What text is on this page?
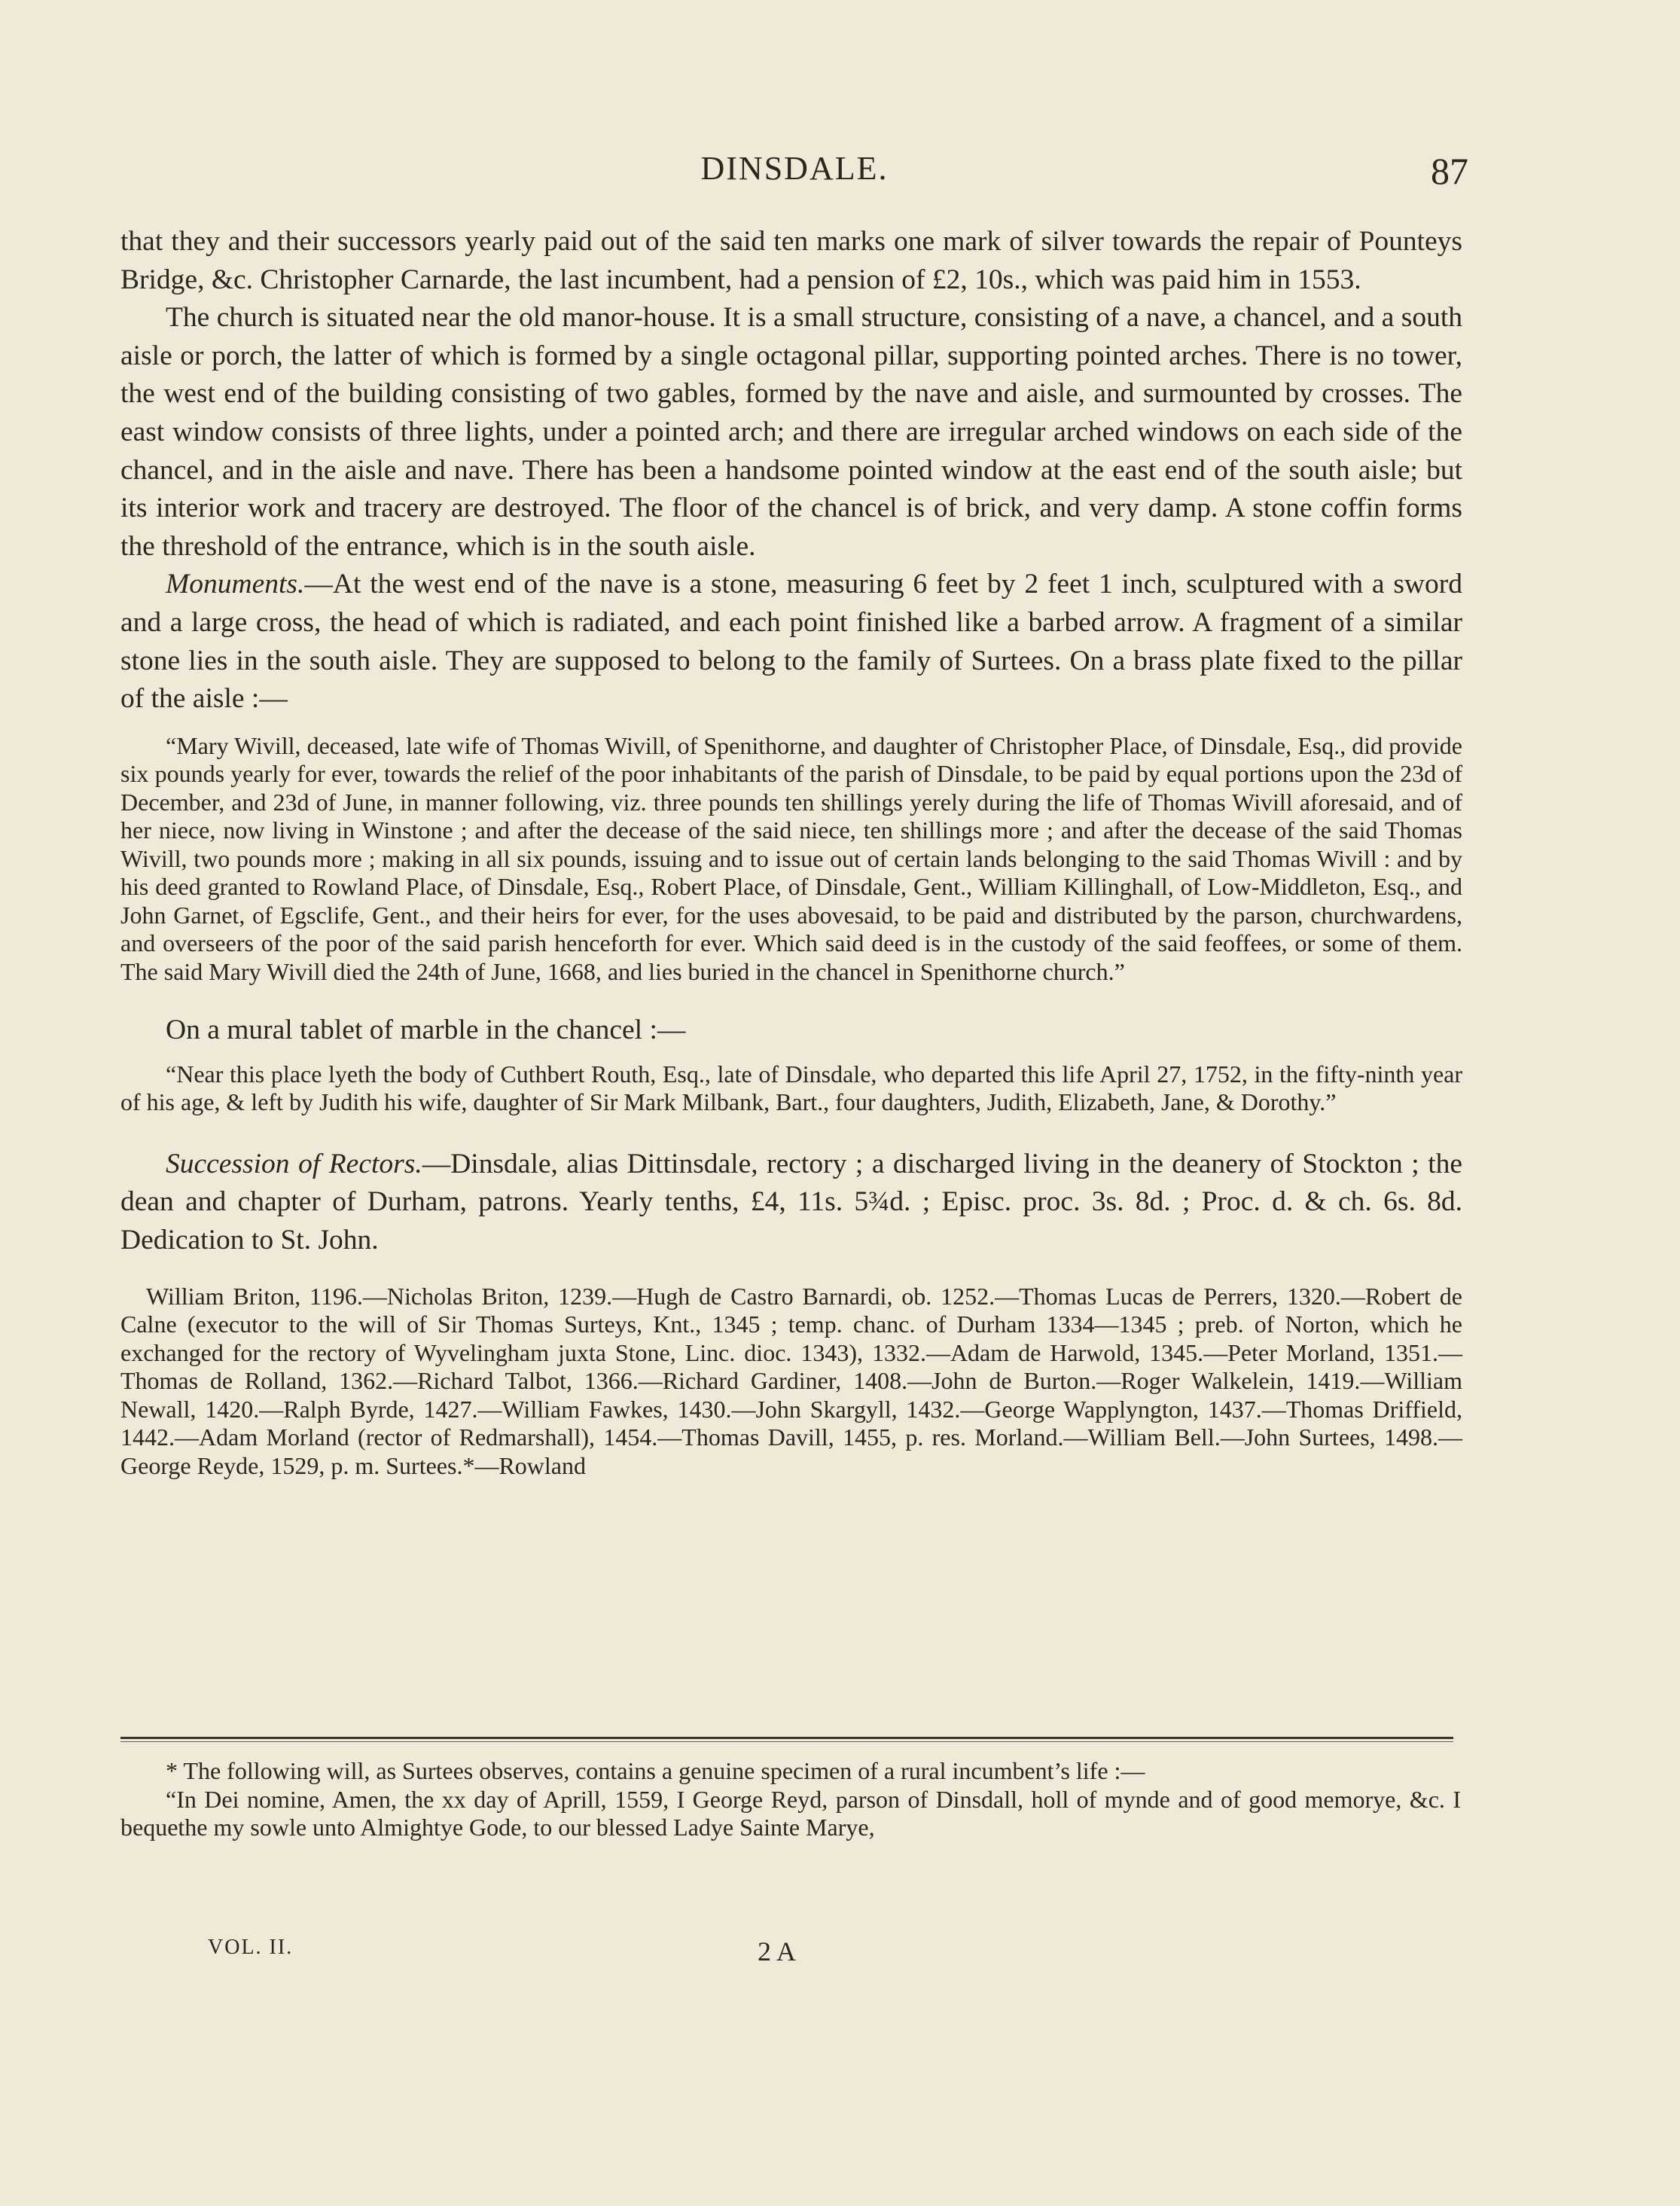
DINSDALE.	87

that they and their successors yearly paid out of the said ten marks one mark of silver towards the repair of Pounteys Bridge, &c. Christopher Carnarde, the last incumbent, had a pension of £2, 10s., which was paid him in 1553.

The church is situated near the old manor-house. It is a small structure, consisting of a nave, a chancel, and a south aisle or porch, the latter of which is formed by a single octagonal pillar, supporting pointed arches. There is no tower, the west end of the building consisting of two gables, formed by the nave and aisle, and surmounted by crosses. The east window consists of three lights, under a pointed arch; and there are irregular arched windows on each side of the chancel, and in the aisle and nave. There has been a handsome pointed window at the east end of the south aisle; but its interior work and tracery are destroyed. The floor of the chancel is of brick, and very damp. A stone coffin forms the threshold of the entrance, which is in the south aisle.

Monuments.—At the west end of the nave is a stone, measuring 6 feet by 2 feet 1 inch, sculptured with a sword and a large cross, the head of which is radiated, and each point finished like a barbed arrow. A fragment of a similar stone lies in the south aisle. They are supposed to belong to the family of Surtees. On a brass plate fixed to the pillar of the aisle :—

“Mary Wivill, deceased, late wife of Thomas Wivill, of Spenithorne, and daughter of Christopher Place, of Dinsdale, Esq., did provide six pounds yearly for ever, towards the relief of the poor inhabitants of the parish of Dinsdale, to be paid by equal portions upon the 23d of December, and 23d of June, in manner following, viz. three pounds ten shillings yerely during the life of Thomas Wivill aforesaid, and of her niece, now living in Winstone ; and after the decease of the said niece, ten shillings more ; and after the decease of the said Thomas Wivill, two pounds more ; making in all six pounds, issuing and to issue out of certain lands belonging to the said Thomas Wivill : and by his deed granted to Rowland Place, of Dinsdale, Esq., Robert Place, of Dinsdale, Gent., William Killinghall, of Low-Middleton, Esq., and John Garnet, of Egsclife, Gent., and their heirs for ever, for the uses abovesaid, to be paid and distributed by the parson, churchwardens, and overseers of the poor of the said parish henceforth for ever. Which said deed is in the custody of the said feoffees, or some of them. The said Mary Wivill died the 24th of June, 1668, and lies buried in the chancel in Spenithorne church.”

On a mural tablet of marble in the chancel :—

“Near this place lyeth the body of Cuthbert Routh, Esq., late of Dinsdale, who departed this life April 27, 1752, in the fifty-ninth year of his age, & left by Judith his wife, daughter of Sir Mark Milbank, Bart., four daughters, Judith, Elizabeth, Jane, & Dorothy.”

Succession of Rectors.—Dinsdale, alias Dittinsdale, rectory ; a discharged living in the deanery of Stockton ; the dean and chapter of Durham, patrons. Yearly tenths, £4, 11s. 5¾d. ; Episc. proc. 3s. 8d. ; Proc. d. & ch. 6s. 8d. Dedication to St. John.

William Briton, 1196.—Nicholas Briton, 1239.—Hugh de Castro Barnardi, ob. 1252.—Thomas Lucas de Perrers, 1320.—Robert de Calne (executor to the will of Sir Thomas Surteys, Knt., 1345 ; temp. chanc. of Durham 1334—1345 ; preb. of Norton, which he exchanged for the rectory of Wyvelingham juxta Stone, Linc. dioc. 1343), 1332.—Adam de Harwold, 1345.—Peter Morland, 1351.—Thomas de Rolland, 1362.—Richard Talbot, 1366.—Richard Gardiner, 1408.—John de Burton.—Roger Walkelein, 1419.—William Newall, 1420.—Ralph Byrde, 1427.—William Fawkes, 1430.—John Skargyll, 1432.—George Wapplyngton, 1437.—Thomas Driffield, 1442.—Adam Morland (rector of Redmarshall), 1454.—Thomas Davill, 1455, p. res. Morland.—William Bell.—John Surtees, 1498.—George Reyde, 1529, p. m. Surtees.*—Rowland

* The following will, as Surtees observes, contains a genuine specimen of a rural incumbent’s life :—

“In Dei nomine, Amen, the xx day of Aprill, 1559, I George Reyd, parson of Dinsdall, holl of mynde and of good memorye, &c. I bequethe my sowle unto Almightye Gode, to our blessed Ladye Sainte Marye,

VOL. II.	2 A
